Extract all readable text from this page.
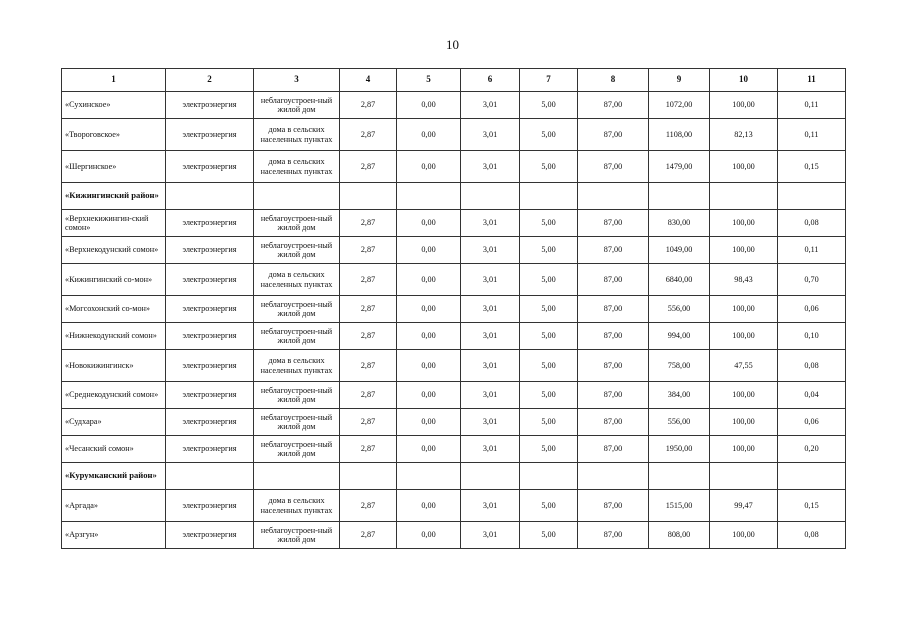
10
1	2	3	4	5	6	7	8	9	10	11
«Сухинское»	электроэнергия	неблагоустроен-ный жилой дом	2,87	0,00	3,01	5,00	87,00	1072,00	100,00	0,11
«Твороговское»	электроэнергия	дома в сельских населенных пунктах	2,87	0,00	3,01	5,00	87,00	1108,00	82,13	0,11
«Шергинское»	электроэнергия	дома в сельских населенных пунктах	2,87	0,00	3,01	5,00	87,00	1479,00	100,00	0,15
«Кижингинский район»										
«Верхнекижингин-ский сомон»	электроэнергия	неблагоустроен-ный жилой дом	2,87	0,00	3,01	5,00	87,00	830,00	100,00	0,08
«Верхнекодунский сомон»	электроэнергия	неблагоустроен-ный жилой дом	2,87	0,00	3,01	5,00	87,00	1049,00	100,00	0,11
«Кижингинский со-мон»	электроэнергия	дома в сельских населенных пунктах	2,87	0,00	3,01	5,00	87,00	6840,00	98,43	0,70
«Могсохонский со-мон»	электроэнергия	неблагоустроен-ный жилой дом	2,87	0,00	3,01	5,00	87,00	556,00	100,00	0,06
«Нижнекодунский сомон»	электроэнергия	неблагоустроен-ный жилой дом	2,87	0,00	3,01	5,00	87,00	994,00	100,00	0,10
«Новокижингинск»	электроэнергия	дома в сельских населенных пунктах	2,87	0,00	3,01	5,00	87,00	758,00	47,55	0,08
«Среднекодунский сомон»	электроэнергия	неблагоустроен-ный жилой дом	2,87	0,00	3,01	5,00	87,00	384,00	100,00	0,04
«Судхара»	электроэнергия	неблагоустроен-ный жилой дом	2,87	0,00	3,01	5,00	87,00	556,00	100,00	0,06
«Чесанский сомон»	электроэнергия	неблагоустроен-ный жилой дом	2,87	0,00	3,01	5,00	87,00	1950,00	100,00	0,20
«Курумканский район»										
«Аргада»	электроэнергия	дома в сельских населенных пунктах	2,87	0,00	3,01	5,00	87,00	1515,00	99,47	0,15
«Арзгун»	электроэнергия	неблагоустроен-ный жилой дом	2,87	0,00	3,01	5,00	87,00	808,00	100,00	0,08
